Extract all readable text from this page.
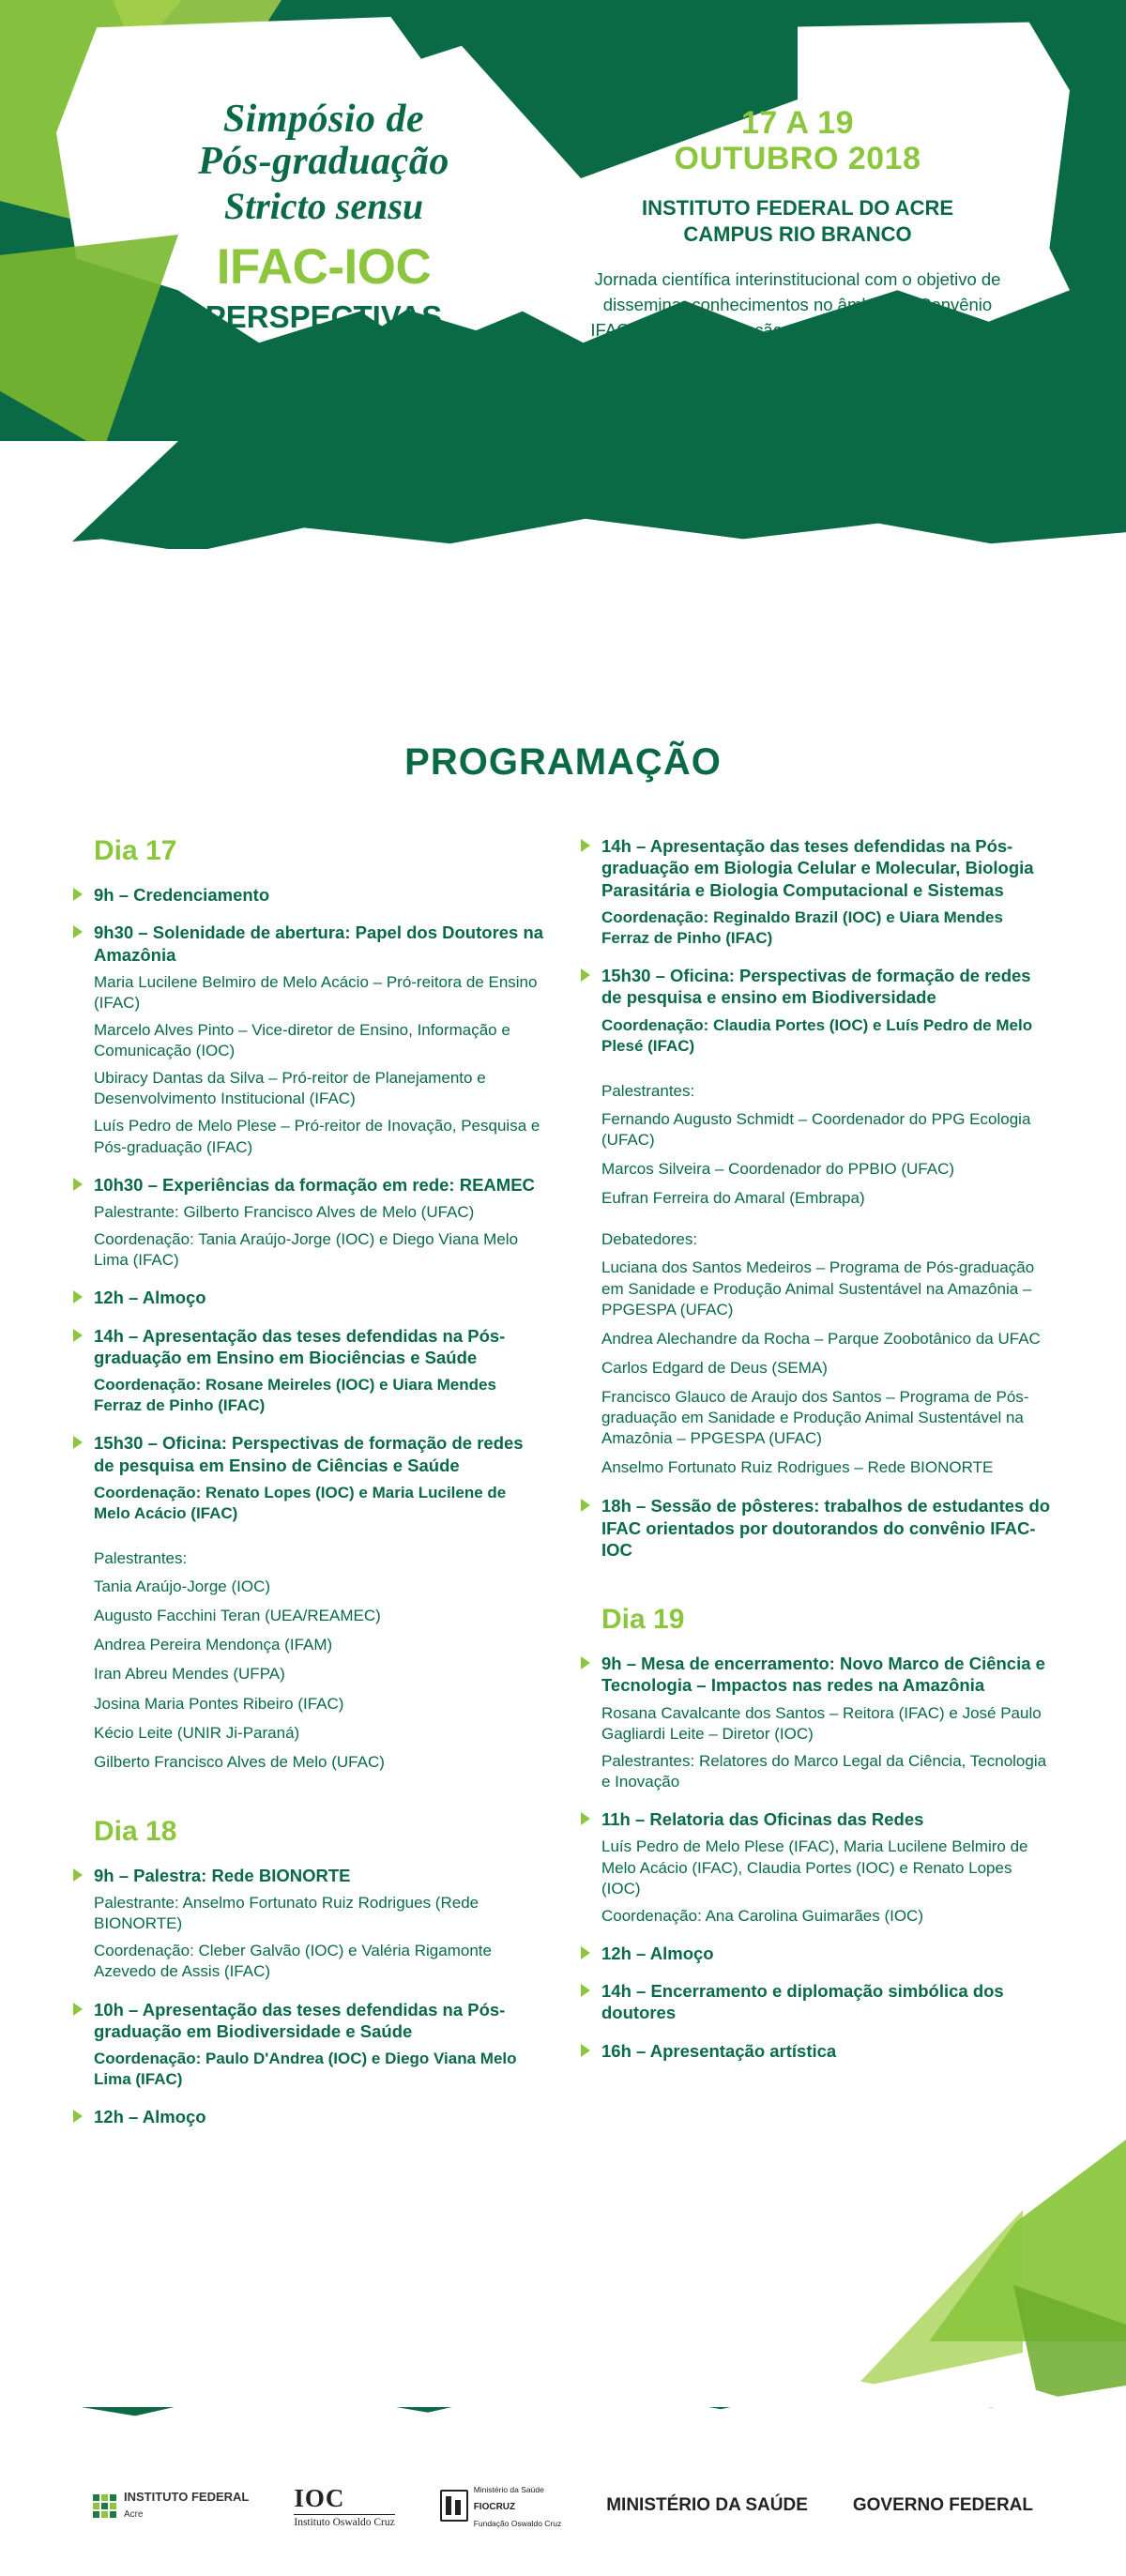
Simpósio de
Pós-graduação
Stricto sensu
IFAC-IOC
PERSPECTIVAS
INTEGRATIVAS
NA AMAZÔNIA
17 A 19
OUTUBRO 2018
INSTITUTO FEDERAL DO ACRE
CAMPUS RIO BRANCO
Jornada científica interinstitucional com o objetivo de disseminar conhecimentos no âmbito do Convênio IFAC-IOC para formação de doutores e de prospectar redes de Pesquisa e Ensino
PROGRAMAÇÃO
Dia 17
9h – Credenciamento
9h30 – Solenidade de abertura: Papel dos Doutores na Amazônia
Maria Lucilene Belmiro de Melo Acácio – Pró-reitora de Ensino (IFAC)
Marcelo Alves Pinto – Vice-diretor de Ensino, Informação e Comunicação (IOC)
Ubiracy Dantas da Silva – Pró-reitor de Planejamento e Desenvolvimento Institucional (IFAC)
Luís Pedro de Melo Plese – Pró-reitor de Inovação, Pesquisa e Pós-graduação (IFAC)
10h30 – Experiências da formação em rede: REAMEC
Palestrante: Gilberto Francisco Alves de Melo (UFAC)
Coordenação: Tania Araújo-Jorge (IOC) e Diego Viana Melo Lima (IFAC)
12h – Almoço
14h – Apresentação das teses defendidas na Pós-graduação em Ensino em Biociências e Saúde
Coordenação: Rosane Meireles (IOC) e Uiara Mendes Ferraz de Pinho (IFAC)
15h30 – Oficina: Perspectivas de formação de redes de pesquisa em Ensino de Ciências e Saúde
Coordenação: Renato Lopes (IOC) e Maria Lucilene de Melo Acácio (IFAC)
Palestrantes:
Tania Araújo-Jorge (IOC)
Augusto Facchini Teran (UEA/REAMEC)
Andrea Pereira Mendonça (IFAM)
Iran Abreu Mendes (UFPA)
Josina Maria Pontes Ribeiro (IFAC)
Kécio Leite (UNIR Ji-Paraná)
Gilberto Francisco Alves de Melo (UFAC)
Dia 18
9h – Palestra: Rede BIONORTE
Palestrante: Anselmo Fortunato Ruiz Rodrigues (Rede BIONORTE)
Coordenação: Cleber Galvão (IOC) e Valéria Rigamonte Azevedo de Assis (IFAC)
10h – Apresentação das teses defendidas na Pós-graduação em Biodiversidade e Saúde
Coordenação: Paulo D'Andrea (IOC) e Diego Viana Melo Lima (IFAC)
12h – Almoço
14h – Apresentação das teses defendidas na Pós-graduação em Biologia Celular e Molecular, Biologia Parasitária e Biologia Computacional e Sistemas
Coordenação: Reginaldo Brazil (IOC) e Uiara Mendes Ferraz de Pinho (IFAC)
15h30 – Oficina: Perspectivas de formação de redes de pesquisa e ensino em Biodiversidade
Coordenação: Claudia Portes (IOC) e Luís Pedro de Melo Plesé (IFAC)
Palestrantes:
Fernando Augusto Schmidt – Coordenador do PPG Ecologia (UFAC)
Marcos Silveira – Coordenador do PPBIO (UFAC)
Eufran Ferreira do Amaral (Embrapa)
Debatedores:
Luciana dos Santos Medeiros – Programa de Pós-graduação em Sanidade e Produção Animal Sustentável na Amazônia – PPGESPA (UFAC)
Andrea Alechandre da Rocha – Parque Zoobotânico da UFAC
Carlos Edgard de Deus (SEMA)
Francisco Glauco de Araujo dos Santos – Programa de Pós-graduação em Sanidade e Produção Animal Sustentável na Amazônia – PPGESPA (UFAC)
Anselmo Fortunato Ruiz Rodrigues – Rede BIONORTE
18h – Sessão de pôsteres: trabalhos de estudantes do IFAC orientados por doutorandos do convênio IFAC-IOC
Dia 19
9h – Mesa de encerramento: Novo Marco de Ciência e Tecnologia – Impactos nas redes na Amazônia
Rosana Cavalcante dos Santos – Reitora (IFAC) e José Paulo Gagliardi Leite – Diretor (IOC)
Palestrantes: Relatores do Marco Legal da Ciência, Tecnologia e Inovação
11h – Relatoria das Oficinas das Redes
Luís Pedro de Melo Plese (IFAC), Maria Lucilene Belmiro de Melo Acácio (IFAC), Claudia Portes (IOC) e Renato Lopes (IOC)
Coordenação: Ana Carolina Guimarães (IOC)
12h – Almoço
14h – Encerramento e diplomação simbólica dos doutores
16h – Apresentação artística
INSTITUTO FEDERAL
Acre
IOC
Instituto Oswaldo Cruz
Ministério da Saúde
FIOCRUZ
Fundação Oswaldo Cruz
MINISTÉRIO DA SAÚDE	GOVERNO FEDERAL
